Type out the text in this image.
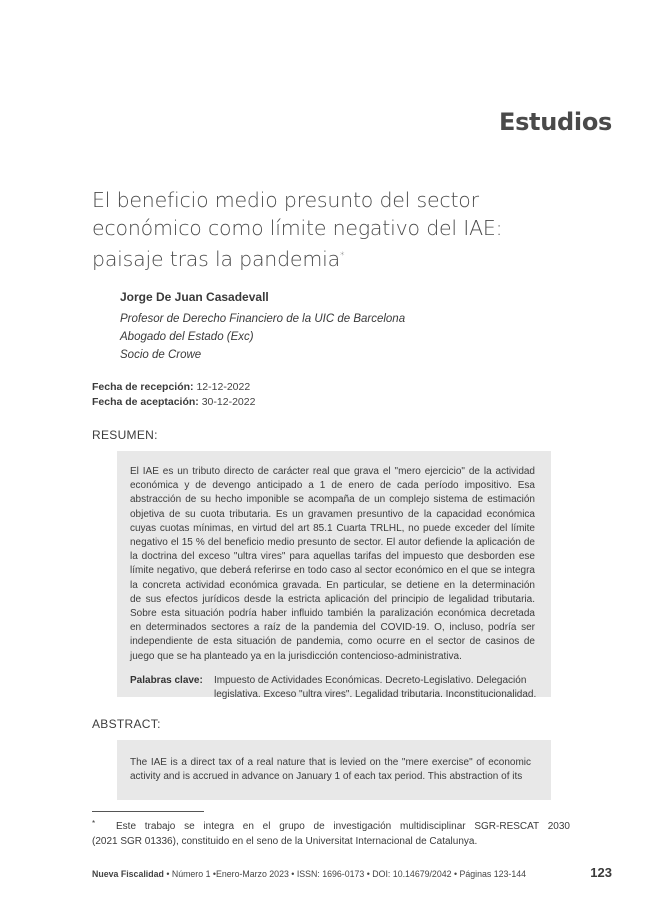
Estudios
El beneficio medio presunto del sector
económico como límite negativo del IAE:
paisaje tras la pandemia*
Jorge De Juan Casadevall
Profesor de Derecho Financiero de la UIC de Barcelona
Abogado del Estado (Exc)
Socio de Crowe
Fecha de recepción: 12-12-2022
Fecha de aceptación: 30-12-2022
RESUMEN:
El IAE es un tributo directo de carácter real que grava el "mero ejercicio" de la actividad
económica y de devengo anticipado a 1 de enero de cada período impositivo. Esa
abstracción de su hecho imponible se acompaña de un complejo sistema de estimación
objetiva de su cuota tributaria. Es un gravamen presuntivo de la capacidad económica
cuyas cuotas mínimas, en virtud del art 85.1 Cuarta TRLHL, no puede exceder del límite
negativo el 15 % del beneficio medio presunto de sector. El autor defiende la aplicación de
la doctrina del exceso "ultra vires" para aquellas tarifas del impuesto que desborden ese
límite negativo, que deberá referirse en todo caso al sector económico en el que se integra
la concreta actividad económica gravada. En particular, se detiene en la determinación
de sus efectos jurídicos desde la estricta aplicación del principio de legalidad tributaria.
Sobre esta situación podría haber influido también la paralización económica decretada
en determinados sectores a raíz de la pandemia del COVID-19. O, incluso, podría ser
independiente de esta situación de pandemia, como ocurre en el sector de casinos de
juego que se ha planteado ya en la jurisdicción contencioso-administrativa.
Palabras clave:	Impuesto de Actividades Económicas. Decreto-Legislativo. Delegación
legislativa. Exceso "ultra vires". Legalidad tributaria. Inconstitucionalidad.
ABSTRACT:
The IAE is a direct tax of a real nature that is levied on the "mere exercise" of economic
activity and is accrued in advance on January 1 of each tax period. This abstraction of its
* Este trabajo se integra en el grupo de investigación multidisciplinar SGR-RESCAT 2030
(2021 SGR 01336), constituido en el seno de la Universitat Internacional de Catalunya.
Nueva Fiscalidad • Número 1 •Enero-Marzo 2023 • ISSN: 1696-0173 • DOI: 10.14679/2042 • Páginas 123-144	123
